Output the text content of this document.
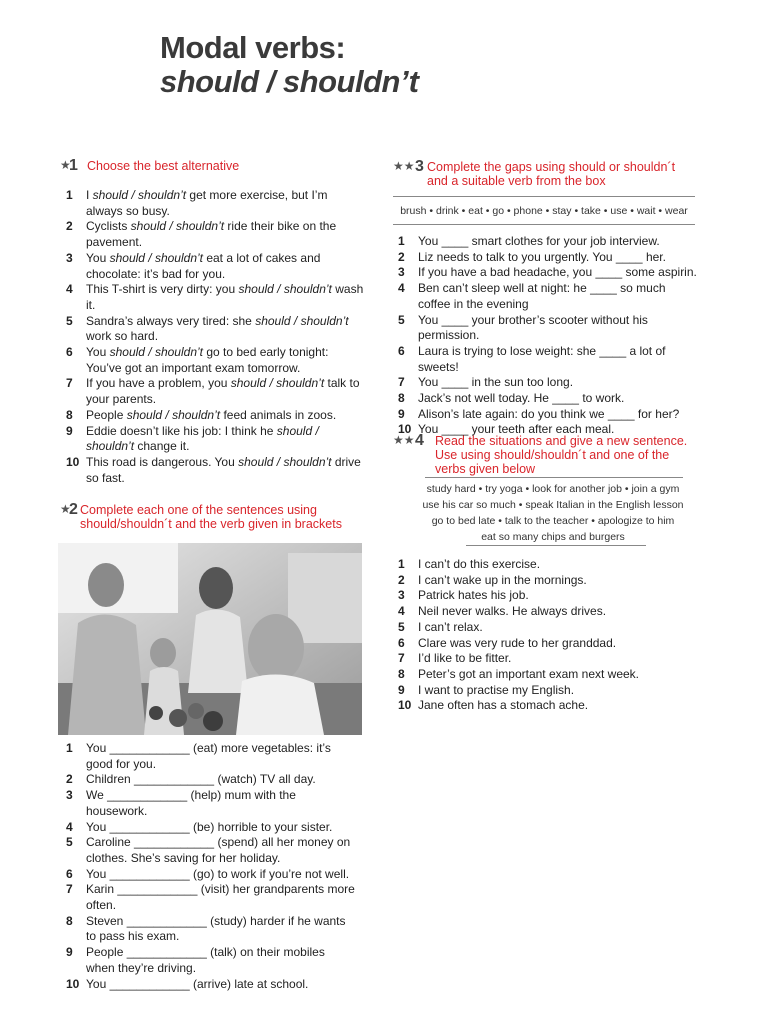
Modal verbs:
should / shouldn’t
★
1 Choose the best alternative
1	I should / shouldn’t get more exercise, but I’m always so busy.
2	Cyclists should / shouldn’t ride their bike on the pavement.
3	You should / shouldn’t eat a lot of cakes and chocolate: it’s bad for you.
4	This T-shirt is very dirty: you should / shouldn’t wash it.
5	Sandra’s always very tired: she should / shouldn’t work so hard.
6	You should / shouldn’t go to bed early tonight: You’ve got an important exam tomorrow.
7	If you have a problem, you should / shouldn’t talk to your parents.
8	People should / shouldn’t feed animals in zoos.
9	Eddie doesn’t like his job: I think he should / shouldn’t change it.
10 This road is dangerous. You should / shouldn’t drive so fast.
★
2 Complete each one of the sentences using should/shouldn´t and the verb given in brackets
1	You ____________ (eat) more vegetables: it’s good for you.
2	Children ____________ (watch) TV all day.
3	We ____________ (help) mum with the housework.
4	You ____________ (be) horrible to your sister.
5	Caroline ____________ (spend) all her money on clothes. She’s saving for her holiday.
6	You ____________ (go) to work if you’re not well.
7	Karin ____________ (visit) her grandparents more often.
8	Steven ____________ (study) harder if he wants to pass his exam.
9	People ____________ (talk) on their mobiles when they’re driving.
10 You ____________ (arrive) late at school.
★★ 3 Complete the gaps using should or shouldn´t and a suitable verb from the box
brush • drink • eat • go • phone • stay • take • use • wait • wear
1	You ____ smart clothes for your job interview.
2	Liz needs to talk to you urgently. You ____ her.
3	If you have a bad headache, you ____ some aspirin.
4	Ben can’t sleep well at night: he ____ so much coffee in the evening
5	You ____ your brother’s scooter without his permission.
6	Laura is trying to lose weight: she ____ a lot of sweets!
7	You ____ in the sun too long.
8	Jack’s not well today. He ____ to work.
9	Alison’s late again: do you think we ____ for her?
10 You ____ your teeth after each meal.
★★ 4 Read the situations and give a new sentence. Use using should/shouldn´t and one of the verbs given below
study hard • try yoga • look for another job • join a gym
use his car so much • speak Italian in the English lesson
go to bed late • talk to the teacher • apologize to him
eat so many chips and burgers
1	I can’t do this exercise.
2	I can’t wake up in the mornings.
3	Patrick hates his job.
4	Neil never walks. He always drives.
5	I can’t relax.
6	Clare was very rude to her granddad.
7	I’d like to be fitter.
8	Peter’s got an important exam next week.
9	I want to practise my English.
10 Jane often has a stomach ache.
